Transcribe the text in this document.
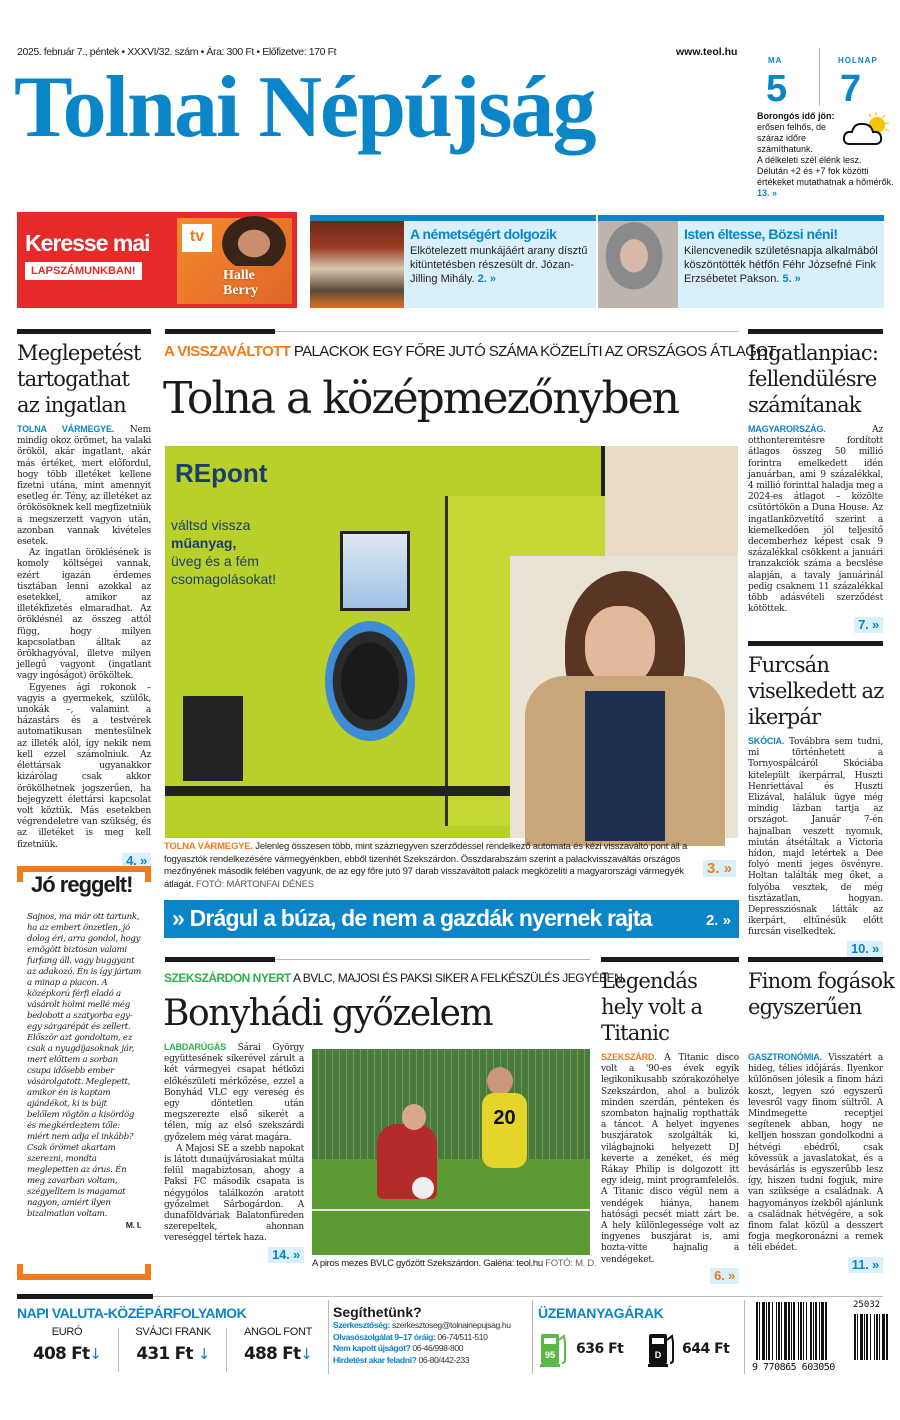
2025. február 7., péntek • XXXVI/32. szám • Ára: 300 Ft • Előfizetve: 170 Ft	www.teol.hu
Tolnai Népújság	MA
5
HOLNAP
7
Borongós idő jön:
erősen felhős, de száraz időre számíthatunk.
A délkeleti szél élénk lesz. Délután +2 és +7 fok közötti értékeket mutathatnak a hőmérők.
13. »
tv
Halle Berry
Keresse mai
LAPSZÁMUNKBAN!
A németségért dolgozik
Elkötelezett munkájáért arany dísztű kitüntetésben részesült dr. Józan-Jilling Mihály. 2. »
Isten éltesse, Bözsi néni!
Kilencvenedik születésnapja alkalmából köszöntötték hétfőn Féhr Józsefné Fink Erzsébetet Pakson. 5. »
Meglepetést tartogathat az ingatlan

TOLNA VÁRMEGYE. Nem mindig okoz örömet, ha valaki örököl, akár ingatlant, akár más értéket, mert előfordul, hogy több illetéket kellene fizetni utána, mint amennyit esetleg ér. Tény, az illetéket az örökösöknek kell megfizetniük a megszerzett vagyon után, azonban vannak kivételes esetek.

Az ingatlan öröklésének is komoly költségei vannak, ezért igazán érdemes tisztában lenni azokkal az esetekkel, amikor az illetékfizetés elmaradhat. Az öröklésnél az összeg attól függ, hogy milyen kapcsolatban álltak az örökhagyóval, illetve milyen jellegű vagyont (ingatlant vagy ingóságot) örököltek.

Egyenes ági rokonok – vagyis a gyermekek, szülők, unokák –, valamint a házastárs és a testvérek automatikusan mentesülnek az illeték alól, így nekik nem kell ezzel számolniuk. Az élettársak ugyanakkor kizárólag csak akkor örökölhetnek jogszerűen, ha bejegyzett élettársi kapcsolat volt köztük. Más esetekben végrendeletre van szükség, és az illetéket is meg kell fizetniük.

4. »
Jó reggelt!
Sajnos, ma már ott tartunk, ha az embert önzetlen, jó dolog éri, arra gondol, hogy emögött biztosan valami furfang áll, vagy buggyant az adakozó. Én is így jártam a minap a piacon. A középkorú férfi eladó a vásárolt holmi mellé még bedobott a szatyorba egy-egy sárgarépát és zellert. Először azt gondoltam, ez csak a nyugdíjasoknak jár, mert előttem a sorban csupa idősebb ember vásárolgatott. Meglepett, amikor én is kaptam ajándékot, ki is bújt belőlem rögtön a kisördög és megkérdeztem tőle: miért nem adja el inkább? Csak örömet akartam szerezni, mondta meglepetten az árus. Én meg zavarban voltam, szégyelltem is magamat nagyon, amiért ilyen bizalmatlan voltam.
M. I.
A VISSZAVÁLTOTT PALACKOK EGY FŐRE JUTÓ SZÁMA KÖZELÍTI AZ ORSZÁGOS ÁTLAGOT
Tolna a középmezőnyben
REpont
váltsd vissza
műanyag,
üveg és a fém
csomagolásokat!
TOLNA VÁRMEGYE. Jelenleg összesen több, mint száznegyven szerződéssel rendelkező automata és kézi visszaváltó pont áll a fogyasztók rendelkezésére vármegyénkben, ebből tizenhét Szekszárdon. Összdarabszám szerint a palackvisszaváltás országos mezőnyének második felében vagyunk, de az egy főre jutó 97 darab visszaváltott palack megközelíti a magyarországi vármegyék átlagát. FOTÓ: MÁRTONFAI DÉNES
3. »
» Drágul a búza, de nem a gazdák nyernek rajta	2. »
Ingatlanpiac: fellendülésre számítanak

MAGYARORSZÁG.	Az otthonteremtésre fordított átlagos összeg 50 millió forintra emelkedett idén januárban, ami 9 százalékkal, 4 millió forinttal haladja meg a 2024-es átlagot – közölte csütörtökön a Duna House. Az ingatlanközvetítő szerint a kiemelkedően jól teljesítő decemberhez képest csak 9 százalékkal csökkent a januári tranzakciók száma a becslése alapján, a tavaly januárinál pedig csaknem 11 százalékkal több adásvételi szerződést kötöttek.

7. »
Furcsán viselkedett az ikerpár

SKÓCIA. Továbbra sem tudni, mi történhetett a Tornyospálcáról Skóciába kitelepült ikerpárral, Huszti Henriettával és Huszti Elizával, haláluk ügye még mindig lázban tartja az országot. Január 7-én hajnalban veszett nyomuk, miután átsétáltak a Victoria hídon, majd letértek a Dee folyó menti jeges ösvényre. Holtan találták meg őket, a folyóba vesztek, de még tisztázatlan, hogyan. Depressziósnak látták az ikerpárt, eltűnésük előtt furcsán viselkedtek.

10. »
SZEKSZÁRDON NYERT A BVLC, MAJOSI ÉS PAKSI SIKER A FELKÉSZÜLÉS JEGYÉBEN
Bonyhádi győzelem

LABDARÚGÁS Sárai György együttesének sikerével zárult a két vármegyei csapat hétközi előkészületi mérkőzése, ezzel a Bonyhád VLC egy vereség és egy döntetlen után megszerezte első sikerét a télen, míg az első szekszárdi győzelem még várat magára.

A Majosi SE a szebb napokat is látott dunaújvárosiakat múlta felül magabiztosan, ahogy a Paksi FC második csapata is négygólos találkozón aratott győzelmet Sárbogárdon. A dunaföldváriak Balatonfüreden szerepeltek, ahonnan vereséggel tértek haza.

14. »
20
A piros mezes BVLC győzött Szekszárdon. Galéria: teol.hu FOTÓ: M. D.
Legendás hely volt a Titanic

SZEKSZÁRD. A Titanic disco volt a '90-es évek egyik legikonikusabb szórakozóhelye Szekszárdon, ahol a bulizók minden szerdán, pénteken és szombaton hajnalig ropthatták a táncot. A helyet ingyenes buszjáratok szolgálták ki, világbajnoki helyezett DJ keverte a zenéket, és még Rákay Philip is dolgozott itt egy ideig, mint programfelelős. A Titanic disco végül nem a vendégek hiánya, hanem hatósági pecsét miatt zárt be. A hely különlegessége volt az ingyenes buszjárat is, ami hozta-vitte hajnalig a vendégeket.

6. »
Finom fogások egyszerűen

GASZTRONÓMIA. Visszatért a hideg, télies időjárás. Ilyenkor különösen jólesik a finom házi koszt, legyen szó egyszerű levesről vagy finom sültről. A Mindmegette receptjei segítenek abban, hogy ne kelljen hosszan gondolkodni a hétvégi ebédről, csak kövessük a javaslatokat, és a bevásárlás is egyszerűbb lesz így, hiszen tudni fogjuk, mire van szüksége a családnak. A hagyományos ízekből ajánlunk a családnak hétvégére, a sok finom falat közül a desszert fogja megkoronázni a remek téli ebédet.

11. »
NAPI VALUTA-KÖZÉPÁRFOLYAMOK
EURÓ
408 Ft↓
SVÁJCI FRANK
431 Ft ↓
ANGOL FONT
488 Ft↓
Segíthetünk?
Szerkesztőség: szerkesztoseg@tolnainepujsag.hu
Olvasószolgálat 9–17 óráig: 06-74/511-510
Nem kapott újságot? 06-46/998-800
Hirdetést akar feladni? 06-80/442-233
ÜZEMANYAGÁRAK
95 636 Ft	D	644 Ft
25032
9 770865 603050
